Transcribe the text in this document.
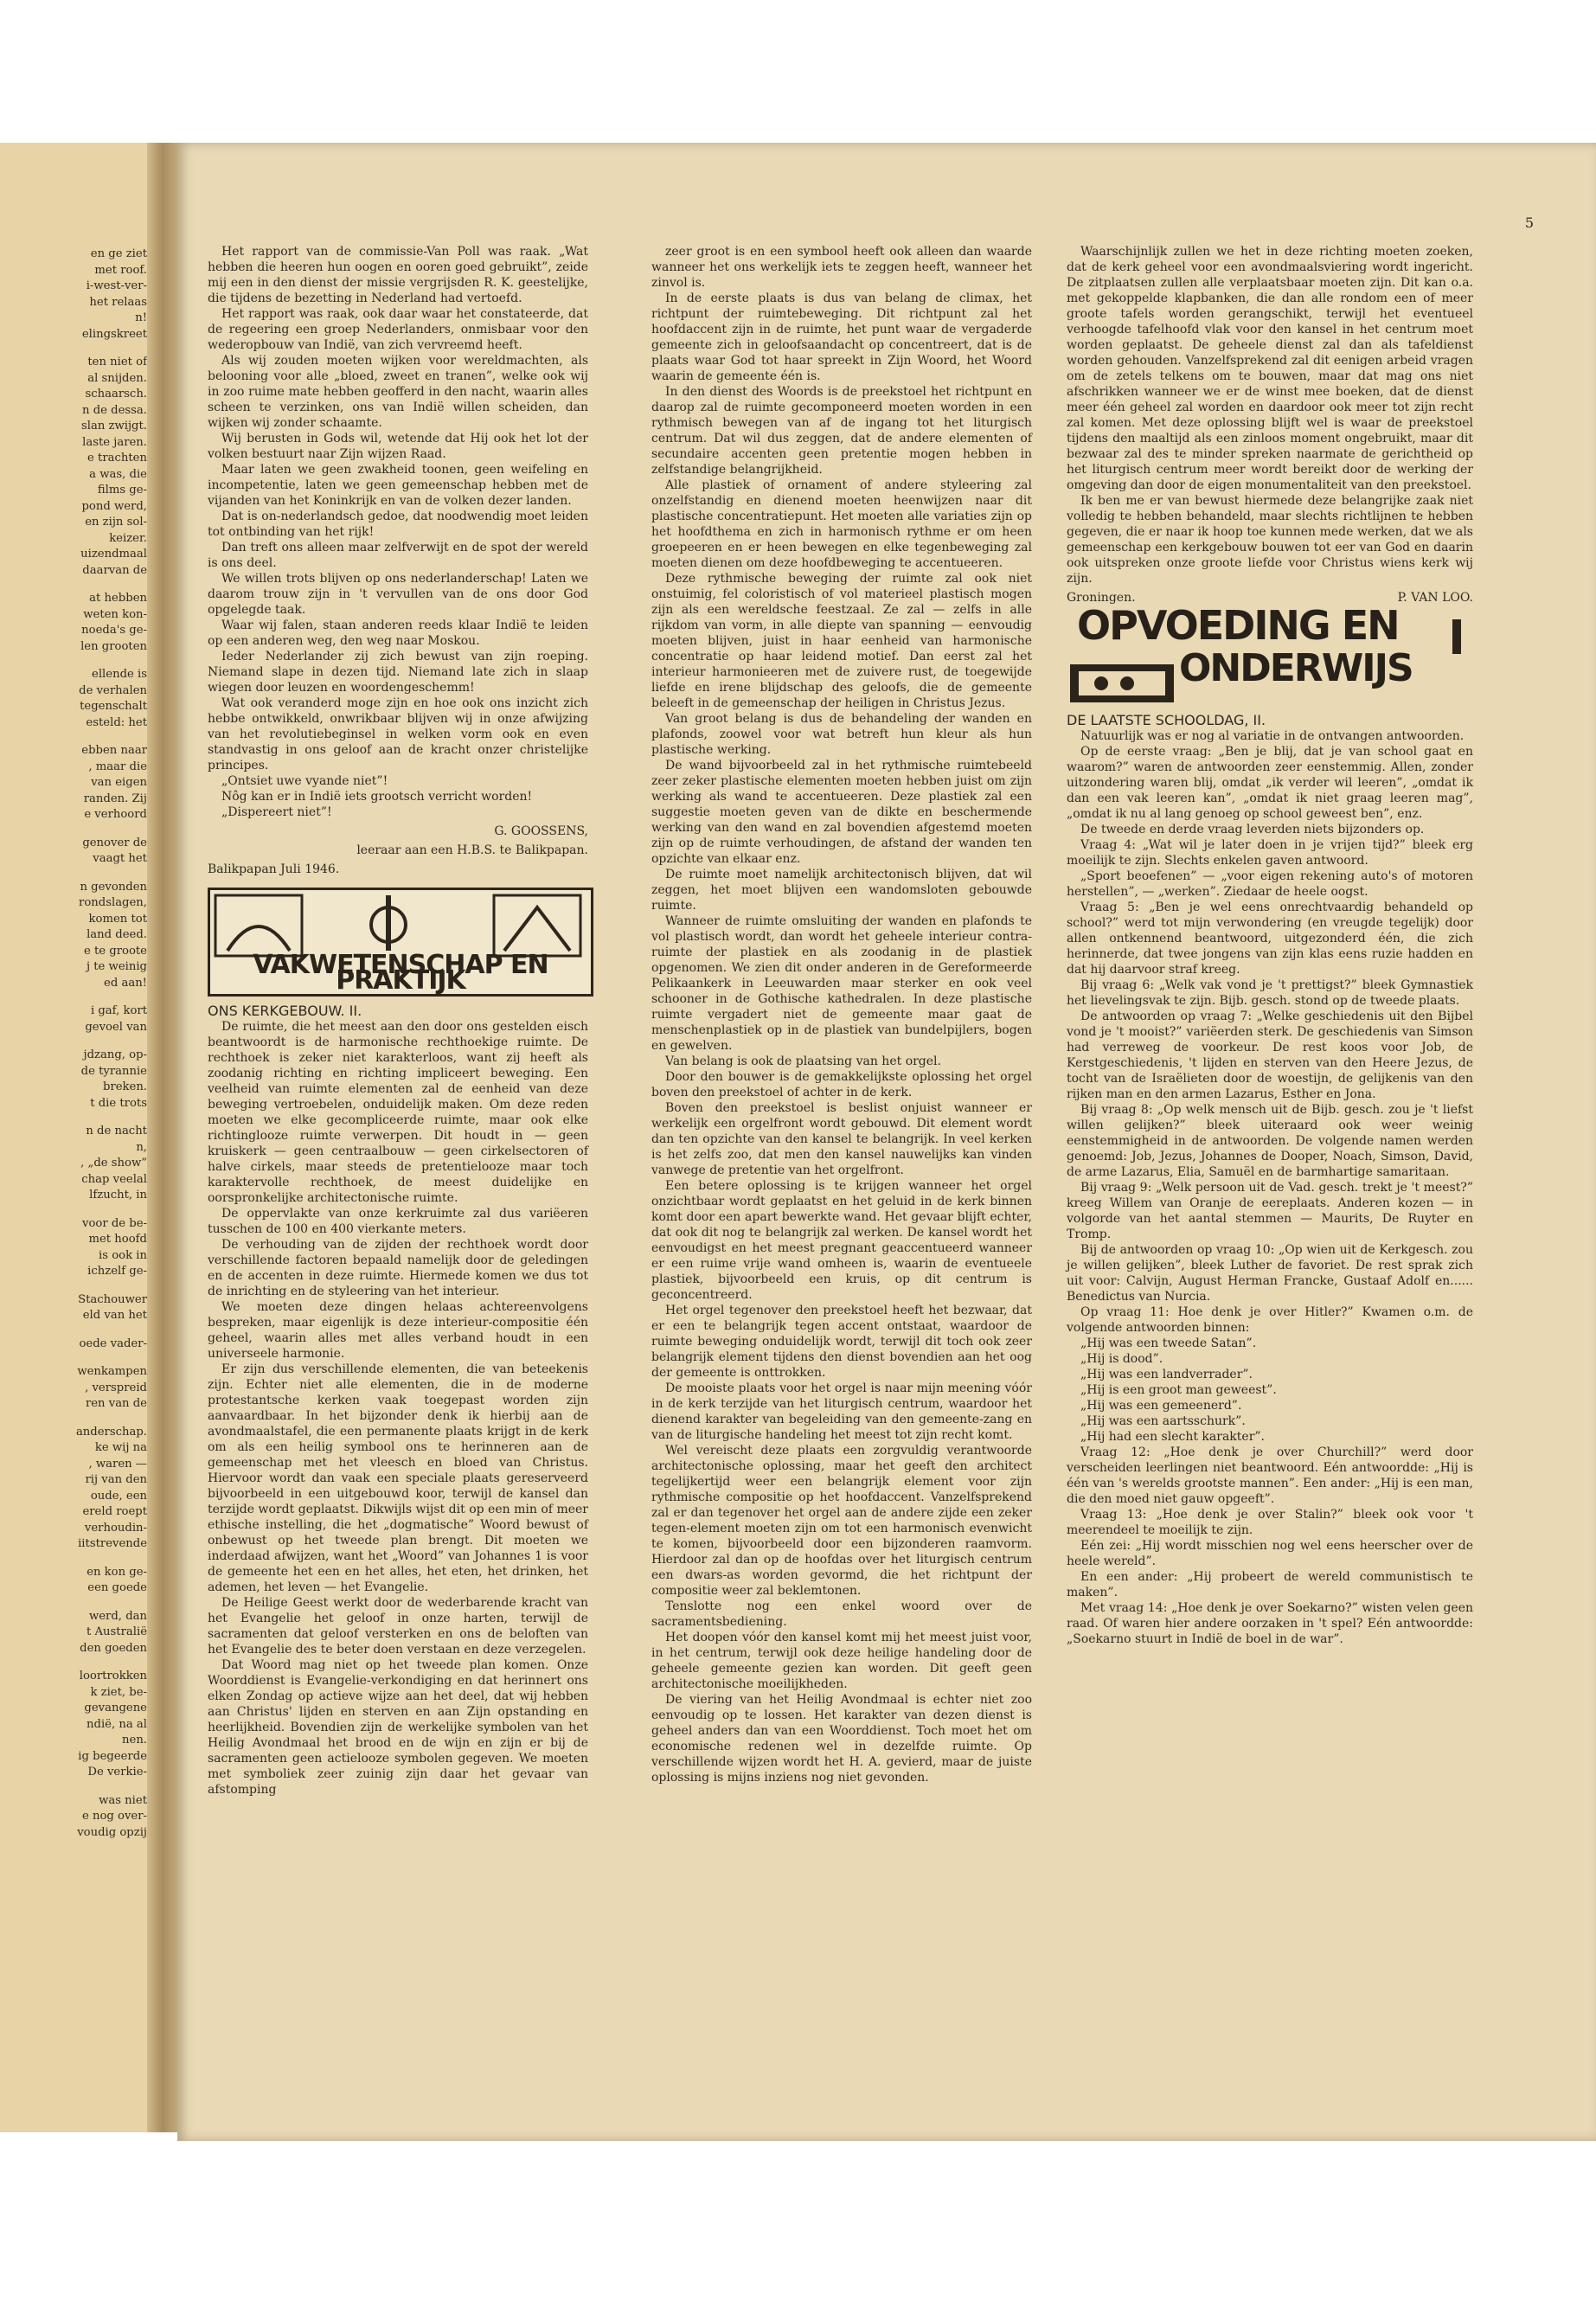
en ge ziet
met roof.
i-west-ver-
het relaas
n!
elingskreet
ten niet of
al snijden.
schaarsch.
n de dessa.
slan zwijgt.
laste jaren.
e trachten
a was, die
films ge-
pond werd,
en zijn sol-
keizer.
uizendmaal
daarvan de
at hebben
weten kon-
noeda's ge-
len grooten
ellende is
de verhalen
tegenschalt
esteld: het
ebben naar
, maar die
van eigen
randen. Zij
e verhoord
genover de
vaagt het
n gevonden
rondslagen,
komen tot
land deed.
e te groote
j te weinig
ed aan!
i gaf, kort
gevoel van
jdzang, op-
de tyrannie
breken.
t die trots
n de nacht
n,
, „de show”
chap veelal
lfzucht, in
voor de be-
met hoofd
is ook in
ichzelf ge-
Stachouwer
eld van het
oede vader-
wenkampen
, verspreid
ren van de
anderschap.
ke wij na
, waren —
rij van den
oude, een
ereld roept
verhoudin-
iitstrevende
en kon ge-
een goede
werd, dan
t Australië
den goeden
loortrokken
k ziet, be-
gevangene
ndië, na al
nen.
ig begeerde
De verkie-
was niet
e nog over-
voudig opzij
5

Het rapport van de commissie-Van Poll was raak. „Wat hebben die heeren hun oogen en ooren goed gebruikt”, zeide mij een in den dienst der missie vergrijsden R. K. geestelijke, die tijdens de bezetting in Nederland had vertoefd.

Het rapport was raak, ook daar waar het constateerde, dat de regeering een groep Nederlanders, onmisbaar voor den wederopbouw van Indië, van zich vervreemd heeft.

Als wij zouden moeten wijken voor wereldmachten, als belooning voor alle „bloed, zweet en tranen”, welke ook wij in zoo ruime mate hebben geofferd in den nacht, waarin alles scheen te verzinken, ons van Indië willen scheiden, dan wijken wij zonder schaamte.

Wij berusten in Gods wil, wetende dat Hij ook het lot der volken bestuurt naar Zijn wijzen Raad.

Maar laten we geen zwakheid toonen, geen weifeling en incompetentie, laten we geen gemeenschap hebben met de vijanden van het Koninkrijk en van de volken dezer landen.

Dat is on-nederlandsch gedoe, dat noodwendig moet leiden tot ontbinding van het rijk!

Dan treft ons alleen maar zelfverwijt en de spot der wereld is ons deel.

We willen trots blijven op ons nederlanderschap! Laten we daarom trouw zijn in 't vervullen van de ons door God opgelegde taak.

Waar wij falen, staan anderen reeds klaar Indië te leiden op een anderen weg, den weg naar Moskou.

Ieder Nederlander zij zich bewust van zijn roeping. Niemand slape in dezen tijd. Niemand late zich in slaap wiegen door leuzen en woordengeschemm!

Wat ook veranderd moge zijn en hoe ook ons inzicht zich hebbe ontwikkeld, onwrikbaar blijven wij in onze afwijzing van het revolutiebeginsel in welken vorm ook en even standvastig in ons geloof aan de kracht onzer christelijke principes.

„Ontsiet uwe vyande niet”!

Nôg kan er in Indië iets grootsch verricht worden!

„Dispereert niet”!

G. GOOSSENS,

leeraar aan een H.B.S. te Balikpapan.

Balikpapan Juli 1946.

VAKWETENSCHAP EN PRAKTIJK

ONS KERKGEBOUW. II.

De ruimte, die het meest aan den door ons gestelden eisch beantwoordt is de harmonische rechthoekige ruimte. De rechthoek is zeker niet karakterloos, want zij heeft als zoodanig richting en richting impliceert beweging. Een veelheid van ruimte elementen zal de eenheid van deze beweging vertroebelen, onduidelijk maken. Om deze reden moeten we elke gecompliceerde ruimte, maar ook elke richtinglooze ruimte verwerpen. Dit houdt in — geen kruiskerk — geen centraalbouw — geen cirkelsectoren of halve cirkels, maar steeds de pretentielooze maar toch karaktervolle rechthoek, de meest duidelijke en oorspronkelijke architectonische ruimte.

De oppervlakte van onze kerkruimte zal dus variëeren tusschen de 100 en 400 vierkante meters.

De verhouding van de zijden der rechthoek wordt door verschillende factoren bepaald namelijk door de geledingen en de accenten in deze ruimte. Hiermede komen we dus tot de inrichting en de styleering van het interieur.

We moeten deze dingen helaas achtereenvolgens bespreken, maar eigenlijk is deze interieur-compositie één geheel, waarin alles met alles verband houdt in een universeele harmonie.

Er zijn dus verschillende elementen, die van beteekenis zijn. Echter niet alle elementen, die in de moderne protestantsche kerken vaak toegepast worden zijn aanvaardbaar. In het bijzonder denk ik hierbij aan de avondmaalstafel, die een permanente plaats krijgt in de kerk om als een heilig symbool ons te herinneren aan de gemeenschap met het vleesch en bloed van Christus. Hiervoor wordt dan vaak een speciale plaats gereserveerd bijvoorbeeld in een uitgebouwd koor, terwijl de kansel dan terzijde wordt geplaatst. Dikwijls wijst dit op een min of meer ethische instelling, die het „dogmatische” Woord bewust of onbewust op het tweede plan brengt. Dit moeten we inderdaad afwijzen, want het „Woord” van Johannes 1 is voor de gemeente het een en het alles, het eten, het drinken, het ademen, het leven — het Evangelie.

De Heilige Geest werkt door de wederbarende kracht van het Evangelie het geloof in onze harten, terwijl de sacramenten dat geloof versterken en ons de beloften van het Evangelie des te beter doen verstaan en deze verzegelen.

Dat Woord mag niet op het tweede plan komen. Onze Woorddienst is Evangelie-verkondiging en dat herinnert ons elken Zondag op actieve wijze aan het deel, dat wij hebben aan Christus' lijden en sterven en aan Zijn opstanding en heerlijkheid. Bovendien zijn de werkelijke symbolen van het Heilig Avondmaal het brood en de wijn en zijn er bij de sacramenten geen actielooze symbolen gegeven. We moeten met symboliek zeer zuinig zijn daar het gevaar van afstomping

zeer groot is en een symbool heeft ook alleen dan waarde wanneer het ons werkelijk iets te zeggen heeft, wanneer het zinvol is.

In de eerste plaats is dus van belang de climax, het richtpunt der ruimtebeweging. Dit richtpunt zal het hoofdaccent zijn in de ruimte, het punt waar de vergaderde gemeente zich in geloofsaandacht op concentreert, dat is de plaats waar God tot haar spreekt in Zijn Woord, het Woord waarin de gemeente één is.

In den dienst des Woords is de preekstoel het richtpunt en daarop zal de ruimte gecomponeerd moeten worden in een rythmisch bewegen van af de ingang tot het liturgisch centrum. Dat wil dus zeggen, dat de andere elementen of secundaire accenten geen pretentie mogen hebben in zelfstandige belangrijkheid.

Alle plastiek of ornament of andere styleering zal onzelfstandig en dienend moeten heenwijzen naar dit plastische concentratiepunt. Het moeten alle variaties zijn op het hoofdthema en zich in harmonisch rythme er om heen groepeeren en er heen bewegen en elke tegenbeweging zal moeten dienen om deze hoofdbeweging te accentueeren.

Deze rythmische beweging der ruimte zal ook niet onstuimig, fel coloristisch of vol materieel plastisch mogen zijn als een wereldsche feestzaal. Ze zal — zelfs in alle rijkdom van vorm, in alle diepte van spanning — eenvoudig moeten blijven, juist in haar eenheid van harmonische concentratie op haar leidend motief. Dan eerst zal het interieur harmonieeren met de zuivere rust, de toegewijde liefde en irene blijdschap des geloofs, die de gemeente beleeft in de gemeenschap der heiligen in Christus Jezus.

Van groot belang is dus de behandeling der wanden en plafonds, zoowel voor wat betreft hun kleur als hun plastische werking.

De wand bijvoorbeeld zal in het rythmische ruimtebeeld zeer zeker plastische elementen moeten hebben juist om zijn werking als wand te accentueeren. Deze plastiek zal een suggestie moeten geven van de dikte en beschermende werking van den wand en zal bovendien afgestemd moeten zijn op de ruimte verhoudingen, de afstand der wanden ten opzichte van elkaar enz.

De ruimte moet namelijk architectonisch blijven, dat wil zeggen, het moet blijven een wandomsloten gebouwde ruimte.

Wanneer de ruimte omsluiting der wanden en plafonds te vol plastisch wordt, dan wordt het geheele interieur contra-ruimte der plastiek en als zoodanig in de plastiek opgenomen. We zien dit onder anderen in de Gereformeerde Pelikaankerk in Leeuwarden maar sterker en ook veel schooner in de Gothische kathedralen. In deze plastische ruimte vergadert niet de gemeente maar gaat de menschenplastiek op in de plastiek van bundelpijlers, bogen en gewelven.

Van belang is ook de plaatsing van het orgel.

Door den bouwer is de gemakkelijkste oplossing het orgel boven den preekstoel of achter in de kerk.

Boven den preekstoel is beslist onjuist wanneer er werkelijk een orgelfront wordt gebouwd. Dit element wordt dan ten opzichte van den kansel te belangrijk. In veel kerken is het zelfs zoo, dat men den kansel nauwelijks kan vinden vanwege de pretentie van het orgelfront.

Een betere oplossing is te krijgen wanneer het orgel onzichtbaar wordt geplaatst en het geluid in de kerk binnen komt door een apart bewerkte wand. Het gevaar blijft echter, dat ook dit nog te belangrijk zal werken. De kansel wordt het eenvoudigst en het meest pregnant geaccentueerd wanneer er een ruime vrije wand omheen is, waarin de eventueele plastiek, bijvoorbeeld een kruis, op dit centrum is geconcentreerd.

Het orgel tegenover den preekstoel heeft het bezwaar, dat er een te belangrijk tegen accent ontstaat, waardoor de ruimte beweging onduidelijk wordt, terwijl dit toch ook zeer belangrijk element tijdens den dienst bovendien aan het oog der gemeente is onttrokken.

De mooiste plaats voor het orgel is naar mijn meening vóór in de kerk terzijde van het liturgisch centrum, waardoor het dienend karakter van begeleiding van den gemeente-zang en van de liturgische handeling het meest tot zijn recht komt.

Wel vereischt deze plaats een zorgvuldig verantwoorde architectonische oplossing, maar het geeft den architect tegelijkertijd weer een belangrijk element voor zijn rythmische compositie op het hoofdaccent. Vanzelfsprekend zal er dan tegenover het orgel aan de andere zijde een zeker tegen-element moeten zijn om tot een harmonisch evenwicht te komen, bijvoorbeeld door een bijzonderen raamvorm. Hierdoor zal dan op de hoofdas over het liturgisch centrum een dwars-as worden gevormd, die het richtpunt der compositie weer zal beklemtonen.

Tenslotte nog een enkel woord over de sacramentsbediening.

Het doopen vóór den kansel komt mij het meest juist voor, in het centrum, terwijl ook deze heilige handeling door de geheele gemeente gezien kan worden. Dit geeft geen architectonische moeilijkheden.

De viering van het Heilig Avondmaal is echter niet zoo eenvoudig op te lossen. Het karakter van dezen dienst is geheel anders dan van een Woorddienst. Toch moet het om economische redenen wel in dezelfde ruimte. Op verschillende wijzen wordt het H. A. gevierd, maar de juiste oplossing is mijns inziens nog niet gevonden.

Waarschijnlijk zullen we het in deze richting moeten zoeken, dat de kerk geheel voor een avondmaalsviering wordt ingericht. De zitplaatsen zullen alle verplaatsbaar moeten zijn. Dit kan o.a. met gekoppelde klapbanken, die dan alle rondom een of meer groote tafels worden gerangschikt, terwijl het eventueel verhoogde tafelhoofd vlak voor den kansel in het centrum moet worden geplaatst. De geheele dienst zal dan als tafeldienst worden gehouden. Vanzelfsprekend zal dit eenigen arbeid vragen om de zetels telkens om te bouwen, maar dat mag ons niet afschrikken wanneer we er de winst mee boeken, dat de dienst meer één geheel zal worden en daardoor ook meer tot zijn recht zal komen. Met deze oplossing blijft wel is waar de preekstoel tijdens den maaltijd als een zinloos moment ongebruikt, maar dit bezwaar zal des te minder spreken naarmate de gerichtheid op het liturgisch centrum meer wordt bereikt door de werking der omgeving dan door de eigen monumentaliteit van den preekstoel.

Ik ben me er van bewust hiermede deze belangrijke zaak niet volledig te hebben behandeld, maar slechts richtlijnen te hebben gegeven, die er naar ik hoop toe kunnen mede werken, dat we als gemeenschap een kerkgebouw bouwen tot eer van God en daarin ook uitspreken onze groote liefde voor Christus wiens kerk wij zijn.

Groningen.	P. VAN LOO.

OPVOEDING EN
ONDERWIJS

DE LAATSTE SCHOOLDAG, II.

Natuurlijk was er nog al variatie in de ontvangen antwoorden.

Op de eerste vraag: „Ben je blij, dat je van school gaat en waarom?” waren de antwoorden zeer eenstemmig. Allen, zonder uitzondering waren blij, omdat „ik verder wil leeren”, „omdat ik dan een vak leeren kan”, „omdat ik niet graag leeren mag”, „omdat ik nu al lang genoeg op school geweest ben”, enz.

De tweede en derde vraag leverden niets bijzonders op.

Vraag 4: „Wat wil je later doen in je vrijen tijd?” bleek erg moeilijk te zijn. Slechts enkelen gaven antwoord.

„Sport beoefenen” — „voor eigen rekening auto's of motoren herstellen”, — „werken”. Ziedaar de heele oogst.

Vraag 5: „Ben je wel eens onrechtvaardig behandeld op school?” werd tot mijn verwondering (en vreugde tegelijk) door allen ontkennend beantwoord, uitgezonderd één, die zich herinnerde, dat twee jongens van zijn klas eens ruzie hadden en dat hij daarvoor straf kreeg.

Bij vraag 6: „Welk vak vond je 't prettigst?” bleek Gymnastiek het lievelingsvak te zijn. Bijb. gesch. stond op de tweede plaats.

De antwoorden op vraag 7: „Welke geschiedenis uit den Bijbel vond je 't mooist?” variëerden sterk. De geschiedenis van Simson had verreweg de voorkeur. De rest koos voor Job, de Kerstgeschiedenis, 't lijden en sterven van den Heere Jezus, de tocht van de Israëlieten door de woestijn, de gelijkenis van den rijken man en den armen Lazarus, Esther en Jona.

Bij vraag 8: „Op welk mensch uit de Bijb. gesch. zou je 't liefst willen gelijken?” bleek uiteraard ook weer weinig eenstemmigheid in de antwoorden. De volgende namen werden genoemd: Job, Jezus, Johannes de Dooper, Noach, Simson, David, de arme Lazarus, Elia, Samuël en de barmhartige samaritaan.

Bij vraag 9: „Welk persoon uit de Vad. gesch. trekt je 't meest?” kreeg Willem van Oranje de eereplaats. Anderen kozen — in volgorde van het aantal stemmen — Maurits, De Ruyter en Tromp.

Bij de antwoorden op vraag 10: „Op wien uit de Kerkgesch. zou je willen gelijken”, bleek Luther de favoriet. De rest sprak zich uit voor: Calvijn, August Herman Francke, Gustaaf Adolf en...... Benedictus van Nurcia.

Op vraag 11: Hoe denk je over Hitler?” Kwamen o.m. de volgende antwoorden binnen:

„Hij was een tweede Satan”.

„Hij is dood”.

„Hij was een landverrader”.

„Hij is een groot man geweest”.

„Hij was een gemeenerd”.

„Hij was een aartsschurk”.

„Hij had een slecht karakter”.

Vraag 12: „Hoe denk je over Churchill?” werd door verscheiden leerlingen niet beantwoord. Eén antwoordde: „Hij is één van 's werelds grootste mannen”. Een ander: „Hij is een man, die den moed niet gauw opgeeft”.

Vraag 13: „Hoe denk je over Stalin?” bleek ook voor 't meerendeel te moeilijk te zijn.

Eén zei: „Hij wordt misschien nog wel eens heerscher over de heele wereld”.

En een ander: „Hij probeert de wereld communistisch te maken”.

Met vraag 14: „Hoe denk je over Soekarno?” wisten velen geen raad. Of waren hier andere oorzaken in 't spel? Eén antwoordde: „Soekarno stuurt in Indië de boel in de war”.
